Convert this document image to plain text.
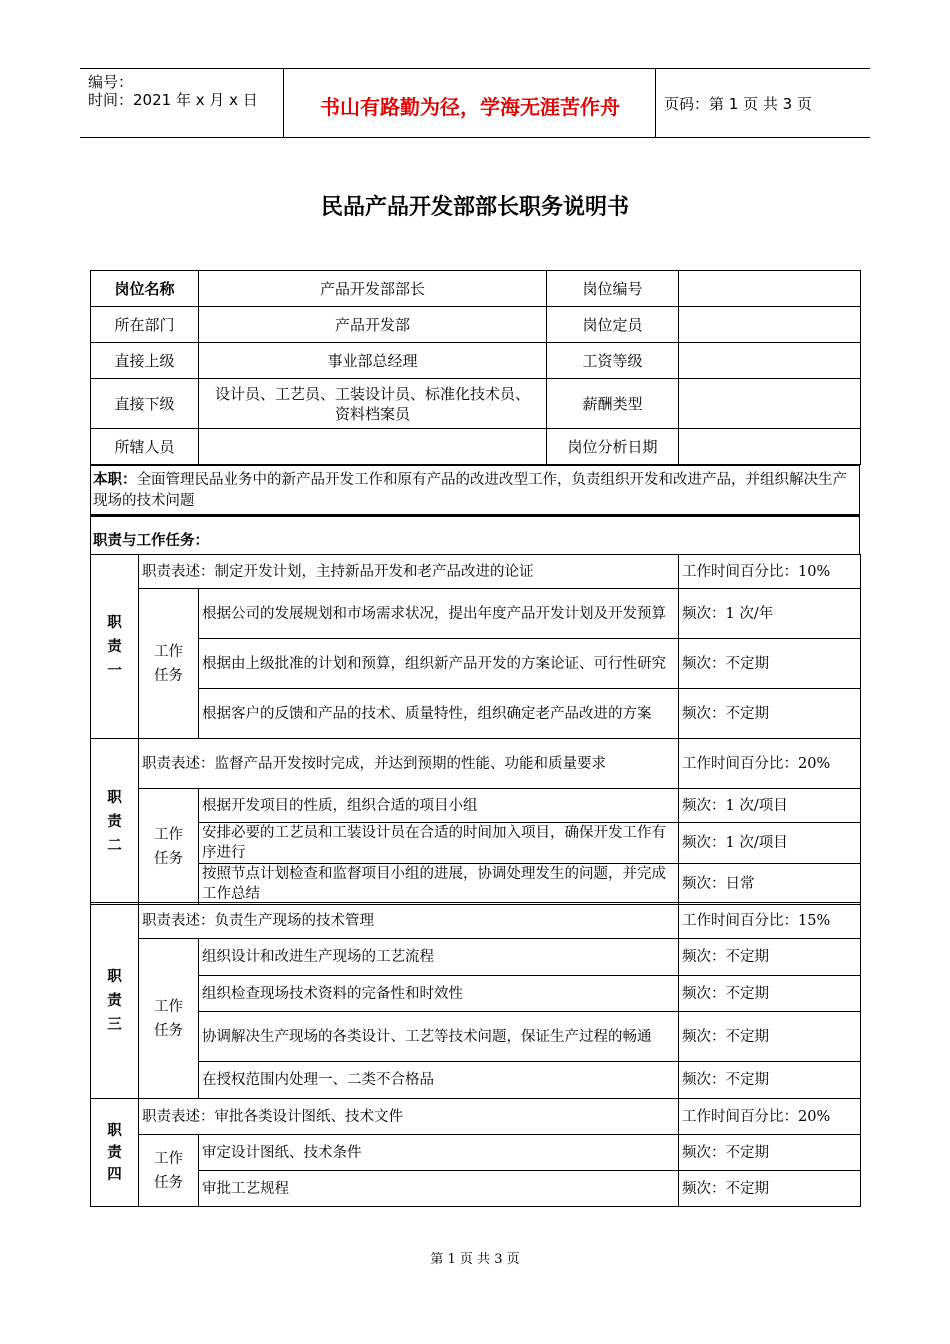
编号：
时间：2021 年 x 月 x 日	书山有路勤为径，学海无涯苦作舟	页码：第 1 页 共 3 页
民品产品开发部部长职务说明书
岗位名称	产品开发部部长	岗位编号	
所在部门	产品开发部	岗位定员	
直接上级	事业部总经理	工资等级	
直接下级	设计员、工艺员、工装设计员、标准化技术员、资料档案员	薪酬类型	
所辖人员		岗位分析日期	
本职：全面管理民品业务中的新产品开发工作和原有产品的改进改型工作，负责组织开发和改进产品，并组织解决生产现场的技术问题
职责与工作任务：
职责一	职责表述：制定开发计划，主持新品开发和老产品改进的论证		工作时间百分比：10%

	工作任务	根据公司的发展规划和市场需求状况，提出年度产品开发计划及开发预算	频次：1 次/年
		根据由上级批准的计划和预算，组织新产品开发的方案论证、可行性研究	频次：不定期
		根据客户的反馈和产品的技术、质量特性，组织确定老产品改进的方案	频次：不定期
职责二	职责表述：监督产品开发按时完成，并达到预期的性能、功能和质量要求		工作时间百分比：20%

	工作任务	根据开发项目的性质，组织合适的项目小组	频次：1 次/项目
		安排必要的工艺员和工装设计员在合适的时间加入项目，确保开发工作有序进行	频次：1 次/项目
		按照节点计划检查和监督项目小组的进展，协调处理发生的问题，并完成工作总结	频次：日常
职责三	职责表述：负责生产现场的技术管理		工作时间百分比：15%

	工作任务	组织设计和改进生产现场的工艺流程	频次：不定期
		组织检查现场技术资料的完备性和时效性	频次：不定期
		协调解决生产现场的各类设计、工艺等技术问题，保证生产过程的畅通	频次：不定期
		在授权范围内处理一、二类不合格品	频次：不定期
职责四	职责表述：审批各类设计图纸、技术文件		工作时间百分比：20%

	工作任务	审定设计图纸、技术条件	频次：不定期
		审批工艺规程	频次：不定期
第 1 页 共 3 页
